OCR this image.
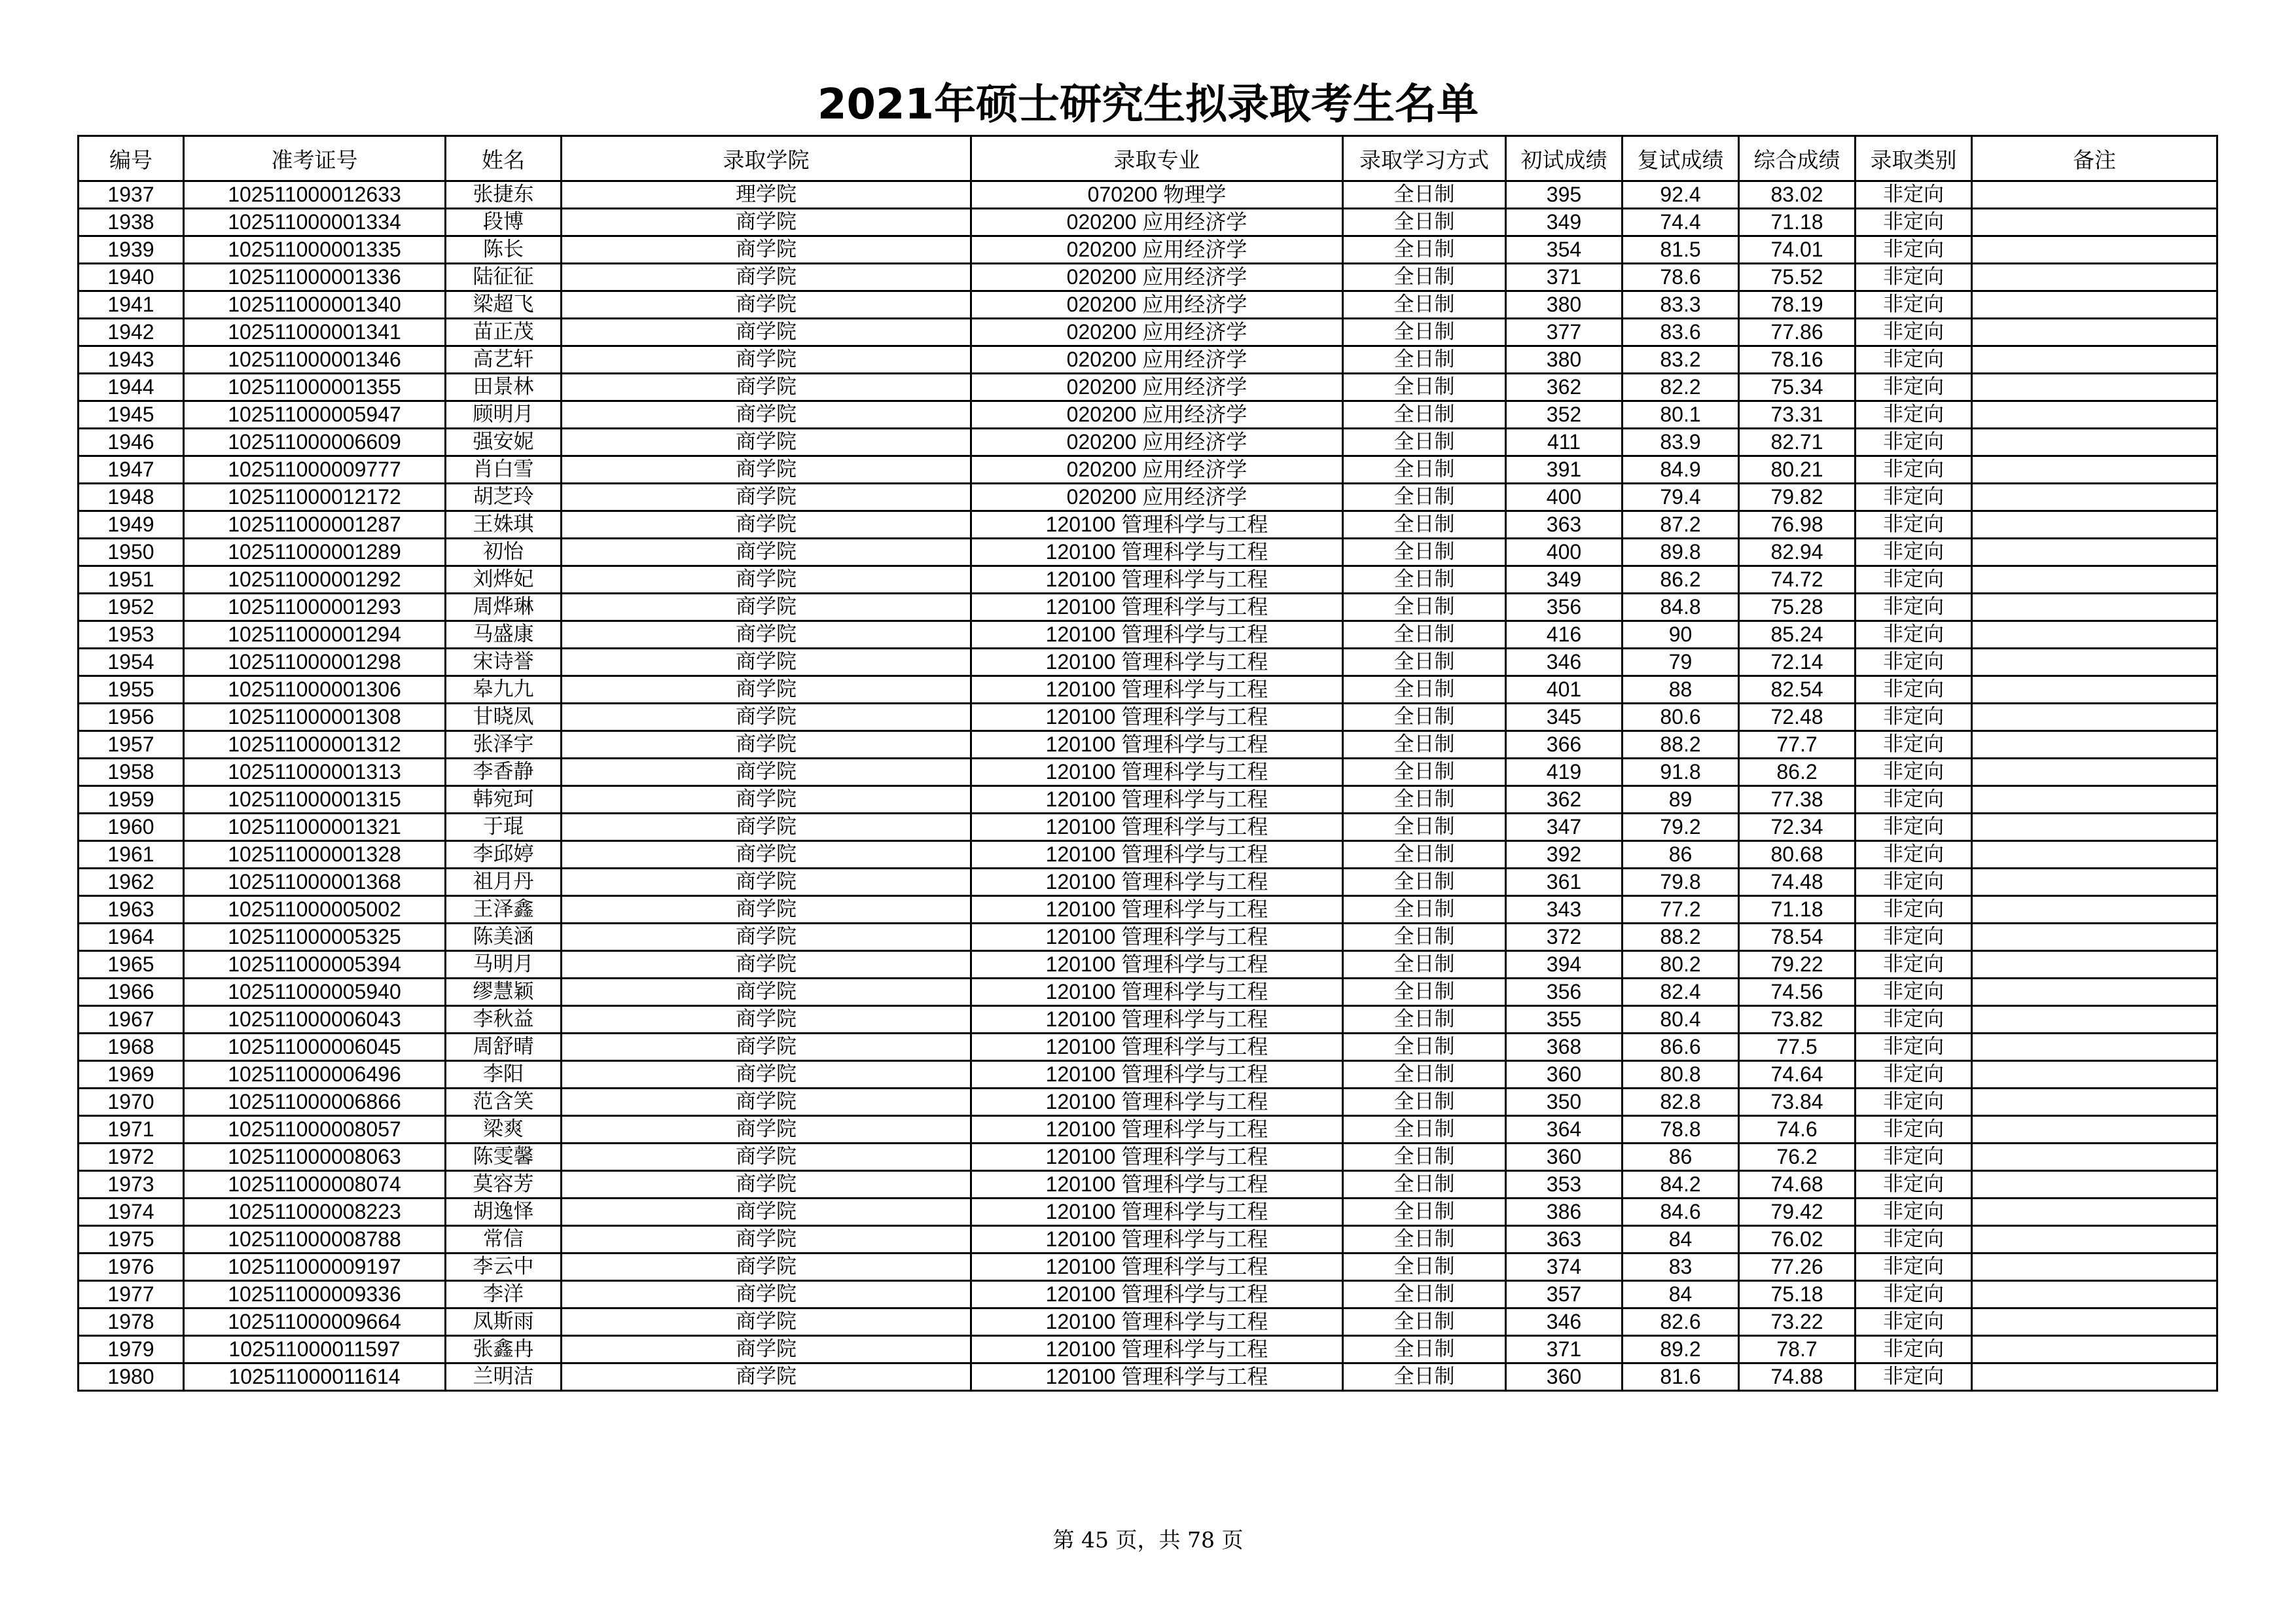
2021年硕士研究生拟录取考生名单
编号	准考证号	姓名	录取学院	录取专业	录取学习方式	初试成绩	复试成绩	综合成绩	录取类别	备注
1937	102511000012633	张捷东	理学院	070200 物理学	全日制	395	92.4	83.02	非定向	
1938	102511000001334	段博	商学院	020200 应用经济学	全日制	349	74.4	71.18	非定向	
1939	102511000001335	陈长	商学院	020200 应用经济学	全日制	354	81.5	74.01	非定向	
1940	102511000001336	陆征征	商学院	020200 应用经济学	全日制	371	78.6	75.52	非定向	
1941	102511000001340	梁超飞	商学院	020200 应用经济学	全日制	380	83.3	78.19	非定向	
1942	102511000001341	苗正茂	商学院	020200 应用经济学	全日制	377	83.6	77.86	非定向	
1943	102511000001346	高艺轩	商学院	020200 应用经济学	全日制	380	83.2	78.16	非定向	
1944	102511000001355	田景林	商学院	020200 应用经济学	全日制	362	82.2	75.34	非定向	
1945	102511000005947	顾明月	商学院	020200 应用经济学	全日制	352	80.1	73.31	非定向	
1946	102511000006609	强安妮	商学院	020200 应用经济学	全日制	411	83.9	82.71	非定向	
1947	102511000009777	肖白雪	商学院	020200 应用经济学	全日制	391	84.9	80.21	非定向	
1948	102511000012172	胡芝玲	商学院	020200 应用经济学	全日制	400	79.4	79.82	非定向	
1949	102511000001287	王姝琪	商学院	120100 管理科学与工程	全日制	363	87.2	76.98	非定向	
1950	102511000001289	初怡	商学院	120100 管理科学与工程	全日制	400	89.8	82.94	非定向	
1951	102511000001292	刘烨妃	商学院	120100 管理科学与工程	全日制	349	86.2	74.72	非定向	
1952	102511000001293	周烨琳	商学院	120100 管理科学与工程	全日制	356	84.8	75.28	非定向	
1953	102511000001294	马盛康	商学院	120100 管理科学与工程	全日制	416	90	85.24	非定向	
1954	102511000001298	宋诗誉	商学院	120100 管理科学与工程	全日制	346	79	72.14	非定向	
1955	102511000001306	皋九九	商学院	120100 管理科学与工程	全日制	401	88	82.54	非定向	
1956	102511000001308	甘晓凤	商学院	120100 管理科学与工程	全日制	345	80.6	72.48	非定向	
1957	102511000001312	张泽宇	商学院	120100 管理科学与工程	全日制	366	88.2	77.7	非定向	
1958	102511000001313	李香静	商学院	120100 管理科学与工程	全日制	419	91.8	86.2	非定向	
1959	102511000001315	韩宛珂	商学院	120100 管理科学与工程	全日制	362	89	77.38	非定向	
1960	102511000001321	于琨	商学院	120100 管理科学与工程	全日制	347	79.2	72.34	非定向	
1961	102511000001328	李邱婷	商学院	120100 管理科学与工程	全日制	392	86	80.68	非定向	
1962	102511000001368	祖月丹	商学院	120100 管理科学与工程	全日制	361	79.8	74.48	非定向	
1963	102511000005002	王泽鑫	商学院	120100 管理科学与工程	全日制	343	77.2	71.18	非定向	
1964	102511000005325	陈美涵	商学院	120100 管理科学与工程	全日制	372	88.2	78.54	非定向	
1965	102511000005394	马明月	商学院	120100 管理科学与工程	全日制	394	80.2	79.22	非定向	
1966	102511000005940	缪慧颖	商学院	120100 管理科学与工程	全日制	356	82.4	74.56	非定向	
1967	102511000006043	李秋益	商学院	120100 管理科学与工程	全日制	355	80.4	73.82	非定向	
1968	102511000006045	周舒晴	商学院	120100 管理科学与工程	全日制	368	86.6	77.5	非定向	
1969	102511000006496	李阳	商学院	120100 管理科学与工程	全日制	360	80.8	74.64	非定向	
1970	102511000006866	范含笑	商学院	120100 管理科学与工程	全日制	350	82.8	73.84	非定向	
1971	102511000008057	梁爽	商学院	120100 管理科学与工程	全日制	364	78.8	74.6	非定向	
1972	102511000008063	陈雯馨	商学院	120100 管理科学与工程	全日制	360	86	76.2	非定向	
1973	102511000008074	莫容芳	商学院	120100 管理科学与工程	全日制	353	84.2	74.68	非定向	
1974	102511000008223	胡逸怿	商学院	120100 管理科学与工程	全日制	386	84.6	79.42	非定向	
1975	102511000008788	常信	商学院	120100 管理科学与工程	全日制	363	84	76.02	非定向	
1976	102511000009197	李云中	商学院	120100 管理科学与工程	全日制	374	83	77.26	非定向	
1977	102511000009336	李洋	商学院	120100 管理科学与工程	全日制	357	84	75.18	非定向	
1978	102511000009664	凤斯雨	商学院	120100 管理科学与工程	全日制	346	82.6	73.22	非定向	
1979	102511000011597	张鑫冉	商学院	120100 管理科学与工程	全日制	371	89.2	78.7	非定向	
1980	102511000011614	兰明洁	商学院	120100 管理科学与工程	全日制	360	81.6	74.88	非定向	
第 45 页，共 78 页
